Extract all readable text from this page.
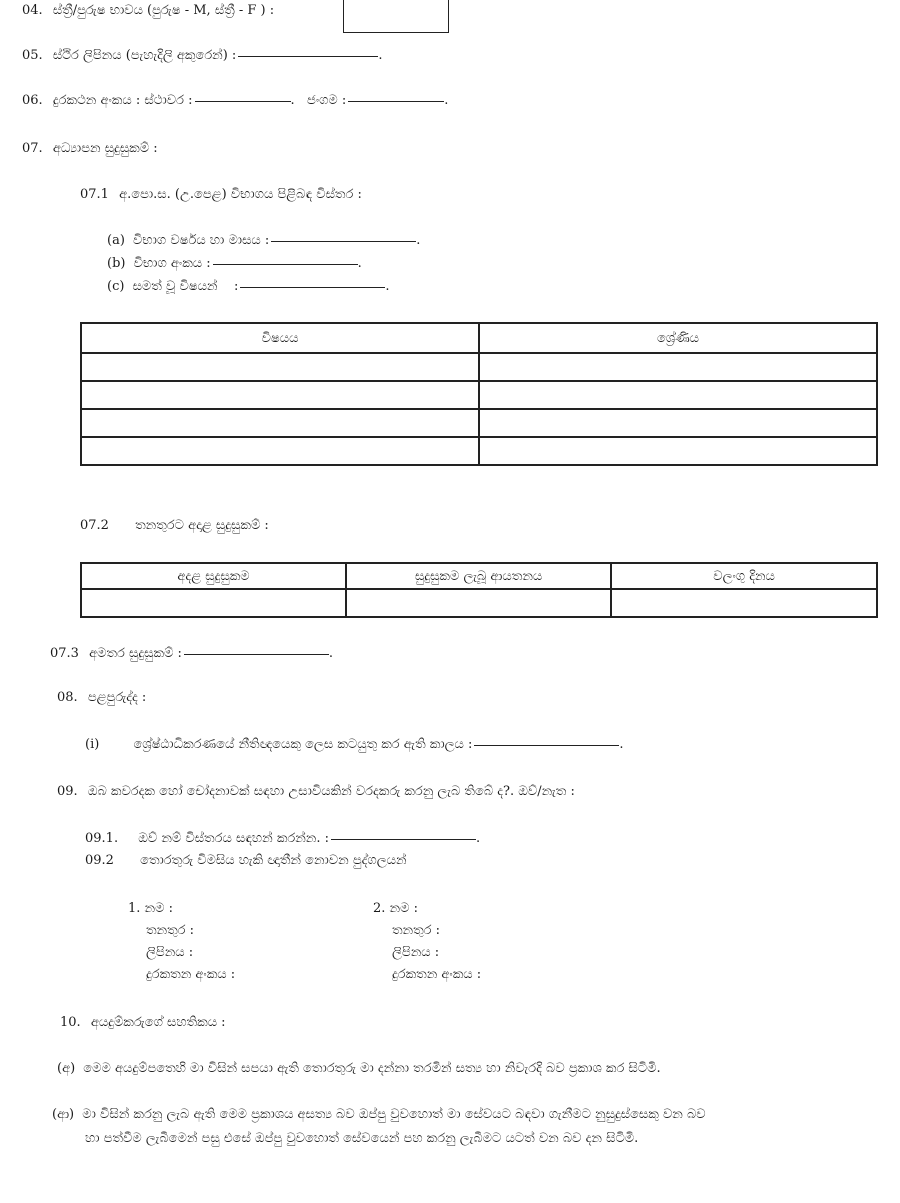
04. ස්ත්‍රී/පුරුෂ භාවය (පුරුෂ - M, ස්ත්‍රී - F ) :
05. ස්ථිර ලිපිනය (පැහැදිලි අකුරෙන්) :	.
06. දුරකථන අංකය : ස්ථාවර :	.   ජංගම :	.
07. අධ්‍යාපන සුදුසුකම් :
07.1 අ.පො.ස. (උ.පෙළ) විභාගය පිළිබඳ විස්තර :
(a) විභාග වර්ෂය හා මාසය :	.
(b) විභාග අංකය :	.
(c) සමත් වූ විෂයන්    :	.
විෂයය	ශ්‍රේණිය

07.2 තනතුරට අදාළ සුදුසුකම් :
අදළ සුදුසුකම	සුදුසුකම ලැබූ ආයතනය	වලංගු දිනය

07.3 අමතර සුදුසුකම් :	.
08. පළපුරුද්ද :
(i)	ශ්‍රේෂ්ඨාධිකරණයේ නීතිඥයෙකු ලෙස කටයුතු කර ඇති කාලය :	.
09. ඔබ කවරදක හෝ චෝදනාවක් සඳහා උසාවියකින් වරදකරු කරනු ලැබ තිබේ ද?. ඔව්/නැත :
09.1. ඔව් නම් විස්තරය සඳහන් කරන්න. :	.
09.2 තොරතුරු විමසිය හැකි ඥාතීන් නොවන පුද්ගලයන්
1. නම :
තනතුර :
ලිපිනය :
දුරකතන අංකය :
2. නම :
තනතුර :
ලිපිනය :
දුරකතන අංකය :
10. අයදුම්කරුගේ සහතිකය :
(අ) මෙම අයදුම්පතෙහි මා විසින් සපයා ඇති තොරතුරු මා දන්නා තරමින් සත්‍ය හා නිවැරදි බව ප්‍රකාශ කර සිටිමි.
(ආ) මා විසින් කරනු ලැබ ඇති මෙම ප්‍රකාශය අසත්‍ය බව ඔප්පු වුවහොත් මා සේවයට බඳවා ගැනීමට නුසුදුස්සෙකු වන බව
හා පත්වීම ලැබීමෙන් පසු එසේ ඔප්පු වුවහොත් සේවයෙන් පහ කරනු ලැබීමට යටත් වන බව දන සිටිමි.
